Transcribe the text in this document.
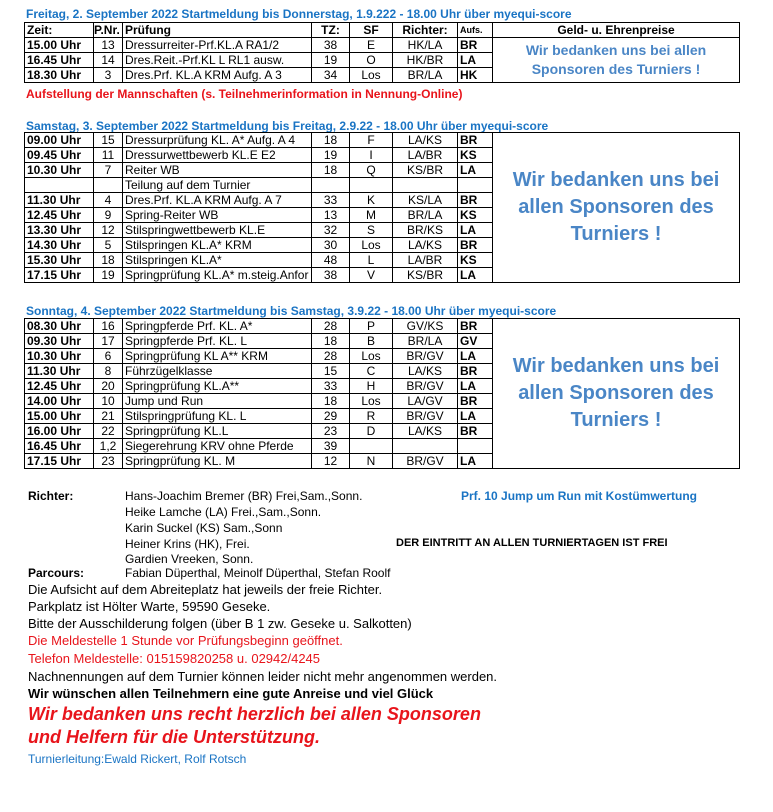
Freitag, 2. September 2022 Startmeldung bis Donnerstag, 1.9.222 - 18.00 Uhr über myequi-score
Zeit:	P.Nr.	Prüfung	TZ:	SF	Richter:	Aufs.	Geld- u. Ehrenpreise
15.00 Uhr	13	Dressurreiter-Prf.KL.A RA1/2	38	E	HK/LA	BR	Wir bedanken uns bei allen Sponsoren des Turniers !
16.45 Uhr	14	Dres.Reit.-Prf.KL L RL1 ausw.	19	O	HK/BR	LA	
18.30 Uhr	3	Dres.Prf. KL.A KRM Aufg. A 3	34	Los	BR/LA	HK	
Aufstellung der Mannschaften (s. Teilnehmerinformation in Nennung-Online)
Samstag, 3. September 2022 Startmeldung bis Freitag, 2.9.22 - 18.00 Uhr über myequi-score
09.00 Uhr	15	Dressurprüfung KL. A* Aufg. A 4	18	F	LA/KS	BR	Wir bedanken uns bei allen Sponsoren des Turniers !
09.45 Uhr	11	Dressurwettbewerb KL.E E2	19	I	LA/BR	KS	
10.30 Uhr	7	Reiter WB	18	Q	KS/BR	LA	
		Teilung auf dem Turnier					
11.30 Uhr	4	Dres.Prf. KL.A KRM Aufg. A 7	33	K	KS/LA	BR	
12.45 Uhr	9	Spring-Reiter WB	13	M	BR/LA	KS	
13.30 Uhr	12	Stilspringwettbewerb KL.E	32	S	BR/KS	LA	
14.30 Uhr	5	Stilspringen KL.A* KRM	30	Los	LA/KS	BR	
15.30 Uhr	18	Stilspringen KL.A*	48	L	LA/BR	KS	
17.15 Uhr	19	Springprüfung KL.A* m.steig.Anfor	38	V	KS/BR	LA	
Sonntag, 4. September 2022 Startmeldung bis Samstag, 3.9.22 - 18.00 Uhr über myequi-score
08.30 Uhr	16	Springpferde Prf. KL. A*	28	P	GV/KS	BR	Wir bedanken uns bei allen Sponsoren des Turniers !
09.30 Uhr	17	Springpferde Prf. KL. L	18	B	BR/LA	GV	
10.30 Uhr	6	Springprüfung KL A** KRM	28	Los	BR/GV	LA	
11.30 Uhr	8	Führzügelklasse	15	C	LA/KS	BR	
12.45 Uhr	20	Springprüfung KL.A**	33	H	BR/GV	LA	
14.00 Uhr	10	Jump und Run	18	Los	LA/GV	BR	
15.00 Uhr	21	Stilspringprüfung KL. L	29	R	BR/GV	LA	
16.00 Uhr	22	Springprüfung KL.L	23	D	LA/KS	BR	
16.45 Uhr	1,2	Siegerehrung KRV ohne Pferde	39				
17.15 Uhr	23	Springprüfung KL. M	12	N	BR/GV	LA	
Richter:	Hans-Joachim Bremer (BR) Frei,Sam.,Sonn.
Heike Lamche (LA) Frei.,Sam.,Sonn.
Karin Suckel (KS) Sam.,Sonn
Heiner Krins (HK), Frei.
Gardien Vreeken, Sonn.
Prf. 10 Jump um Run mit Kostümwertung
DER EINTRITT AN ALLEN TURNIERTAGEN IST FREI
Parcours:	Fabian Düperthal, Meinolf Düperthal, Stefan Roolf
Die Aufsicht auf dem Abreiteplatz hat jeweils der freie Richter.
Parkplatz ist Hölter Warte, 59590 Geseke.
Bitte der Ausschilderung folgen (über B 1 zw. Geseke u. Salkotten)
Die Meldestelle 1 Stunde vor Prüfungsbeginn geöffnet.
Telefon Meldestelle: 015159820258 u. 02942/4245
Nachnennungen auf dem Turnier können leider nicht mehr angenommen werden.
Wir wünschen allen Teilnehmern eine gute Anreise und viel Glück
Wir bedanken uns recht herzlich bei allen Sponsoren
und Helfern für die Unterstützung.
Turnierleitung:Ewald Rickert, Rolf Rotsch
